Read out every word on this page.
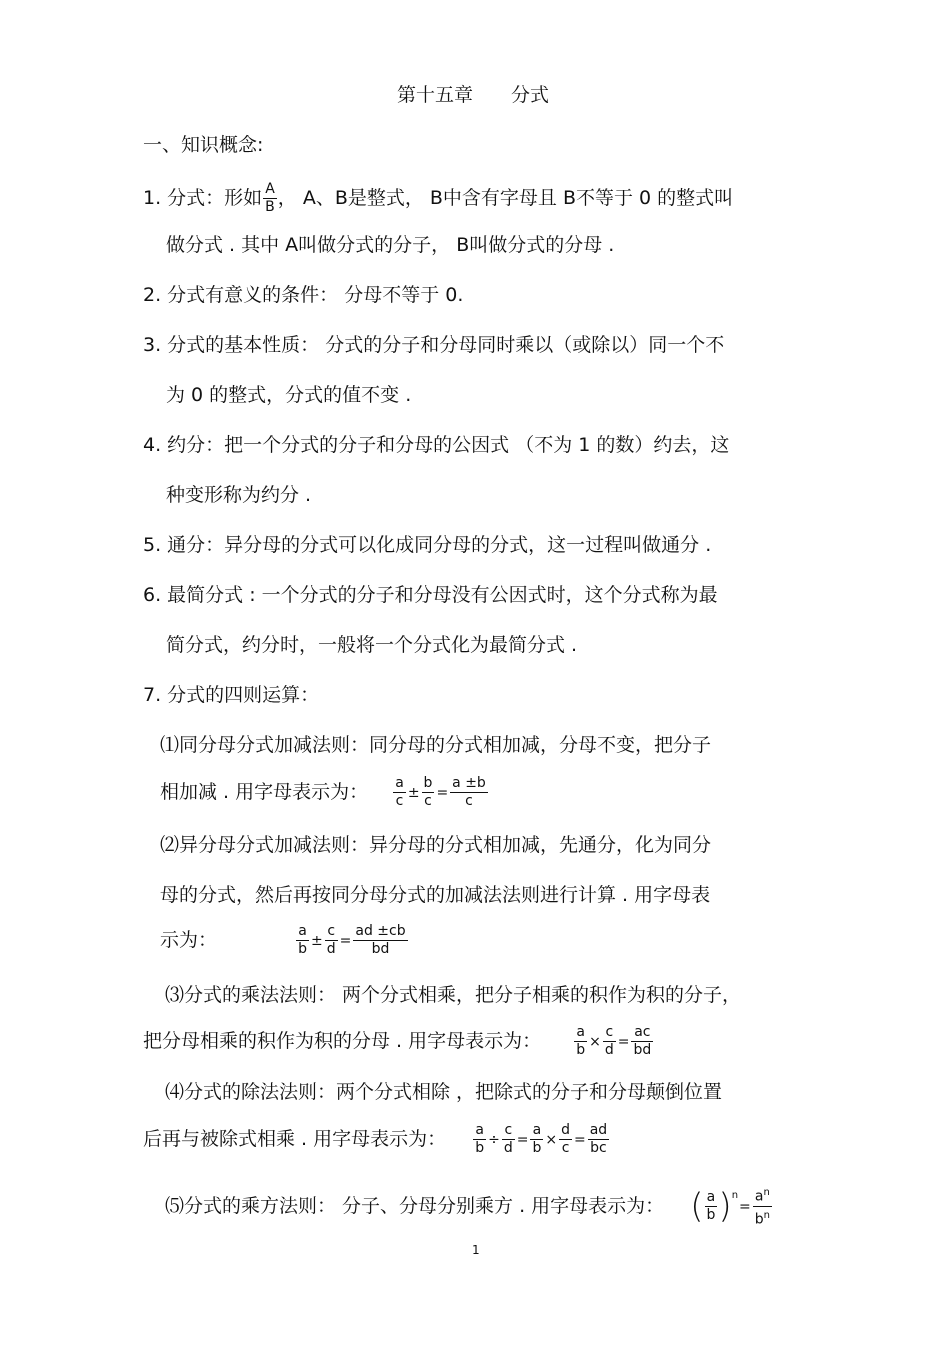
第十五章　　分式
一、知识概念:
1. 分式：形如 $\frac{A}{B}$ ， A、B是整式， B中含有字母且 B不等于 0 的整式叫
做分式 . 其中 A叫做分式的分子， B叫做分式的分母 .
2. 分式有意义的条件： 分母不等于 0.
3. 分式的基本性质： 分式的分子和分母同时乘以（或除以）同一个不
为 0 的整式，分式的值不变 .
4. 约分：把一个分式的分子和分母的公因式 （不为 1 的数）约去，这
种变形称为约分 .
5. 通分：异分母的分式可以化成同分母的分式，这一过程叫做通分 .
6. 最简分式 : 一个分式的分子和分母没有公因式时，这个分式称为最
简分式，约分时，一般将一个分式化为最简分式 .
7. 分式的四则运算：
⑴同分母分式加减法则：同分母的分式相加减，分母不变，把分子
相加减 . 用字母表示为： $\frac{a}{c} \pm \frac{b}{c} = \frac{a \pm b}{c}$
⑵异分母分式加减法则：异分母的分式相加减，先通分，化为同分
母的分式，然后再按同分母分式的加减法法则进行计算 . 用字母表
示为：	$\frac{a}{b} \pm \frac{c}{d} = \frac{ad \pm cb}{bd}$
⑶分式的乘法法则： 两个分式相乘，把分子相乘的积作为积的分子，
把分母相乘的积作为积的分母 . 用字母表示为： $\frac{a}{b} \times \frac{c}{d} = \frac{ac}{bd}$
⑷分式的除法法则：两个分式相除 ，把除式的分子和分母颠倒位置
后再与被除式相乘 . 用字母表示为： $\frac{a}{b} \div \frac{c}{d} = \frac{a}{b} \times \frac{d}{c} = \frac{ad}{bc}$
⑸分式的乘方法则： 分子、分母分别乘方 . 用字母表示为： ( $\frac{a}{b} )^n= \frac{a^n}{b^n}$
1
